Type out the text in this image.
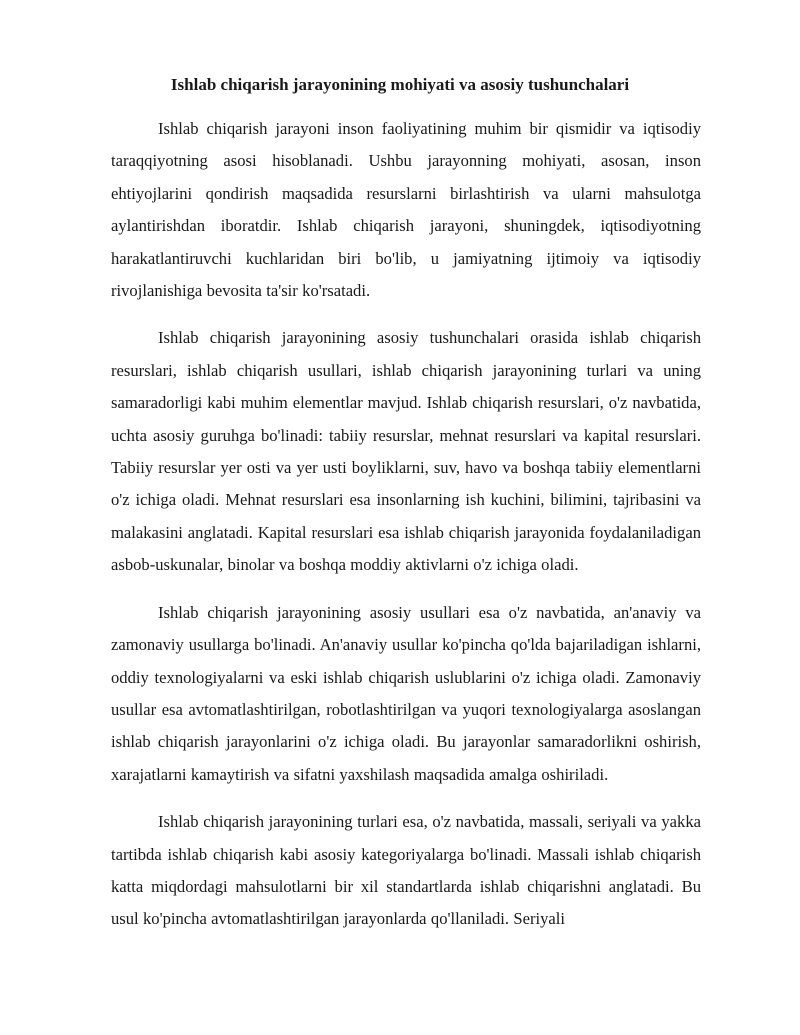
Ishlab chiqarish jarayonining mohiyati va asosiy tushunchalari

Ishlab chiqarish jarayoni inson faoliyatining muhim bir qismidir va iqtisodiy taraqqiyotning asosi hisoblanadi. Ushbu jarayonning mohiyati, asosan, inson ehtiyojlarini qondirish maqsadida resurslarni birlashtirish va ularni mahsulotga aylantirishdan iboratdir. Ishlab chiqarish jarayoni, shuningdek, iqtisodiyotning harakatlantiruvchi kuchlaridan biri bo'lib, u jamiyatning ijtimoiy va iqtisodiy rivojlanishiga bevosita ta'sir ko'rsatadi.

Ishlab chiqarish jarayonining asosiy tushunchalari orasida ishlab chiqarish resurslari, ishlab chiqarish usullari, ishlab chiqarish jarayonining turlari va uning samaradorligi kabi muhim elementlar mavjud. Ishlab chiqarish resurslari, o'z navbatida, uchta asosiy guruhga bo'linadi: tabiiy resurslar, mehnat resurslari va kapital resurslari. Tabiiy resurslar yer osti va yer usti boyliklarni, suv, havo va boshqa tabiiy elementlarni o'z ichiga oladi. Mehnat resurslari esa insonlarning ish kuchini, bilimini, tajribasini va malakasini anglatadi. Kapital resurslari esa ishlab chiqarish jarayonida foydalaniladigan asbob-uskunalar, binolar va boshqa moddiy aktivlarni o'z ichiga oladi.

Ishlab chiqarish jarayonining asosiy usullari esa o'z navbatida, an'anaviy va zamonaviy usullarga bo'linadi. An'anaviy usullar ko'pincha qo'lda bajariladigan ishlarni, oddiy texnologiyalarni va eski ishlab chiqarish uslublarini o'z ichiga oladi. Zamonaviy usullar esa avtomatlashtirilgan, robotlashtirilgan va yuqori texnologiyalarga asoslangan ishlab chiqarish jarayonlarini o'z ichiga oladi. Bu jarayonlar samaradorlikni oshirish, xarajatlarni kamaytirish va sifatni yaxshilash maqsadida amalga oshiriladi.

Ishlab chiqarish jarayonining turlari esa, o'z navbatida, massali, seriyali va yakka tartibda ishlab chiqarish kabi asosiy kategoriyalarga bo'linadi. Massali ishlab chiqarish katta miqdordagi mahsulotlarni bir xil standartlarda ishlab chiqarishni anglatadi. Bu usul ko'pincha avtomatlashtirilgan jarayonlarda qo'llaniladi. Seriyali
